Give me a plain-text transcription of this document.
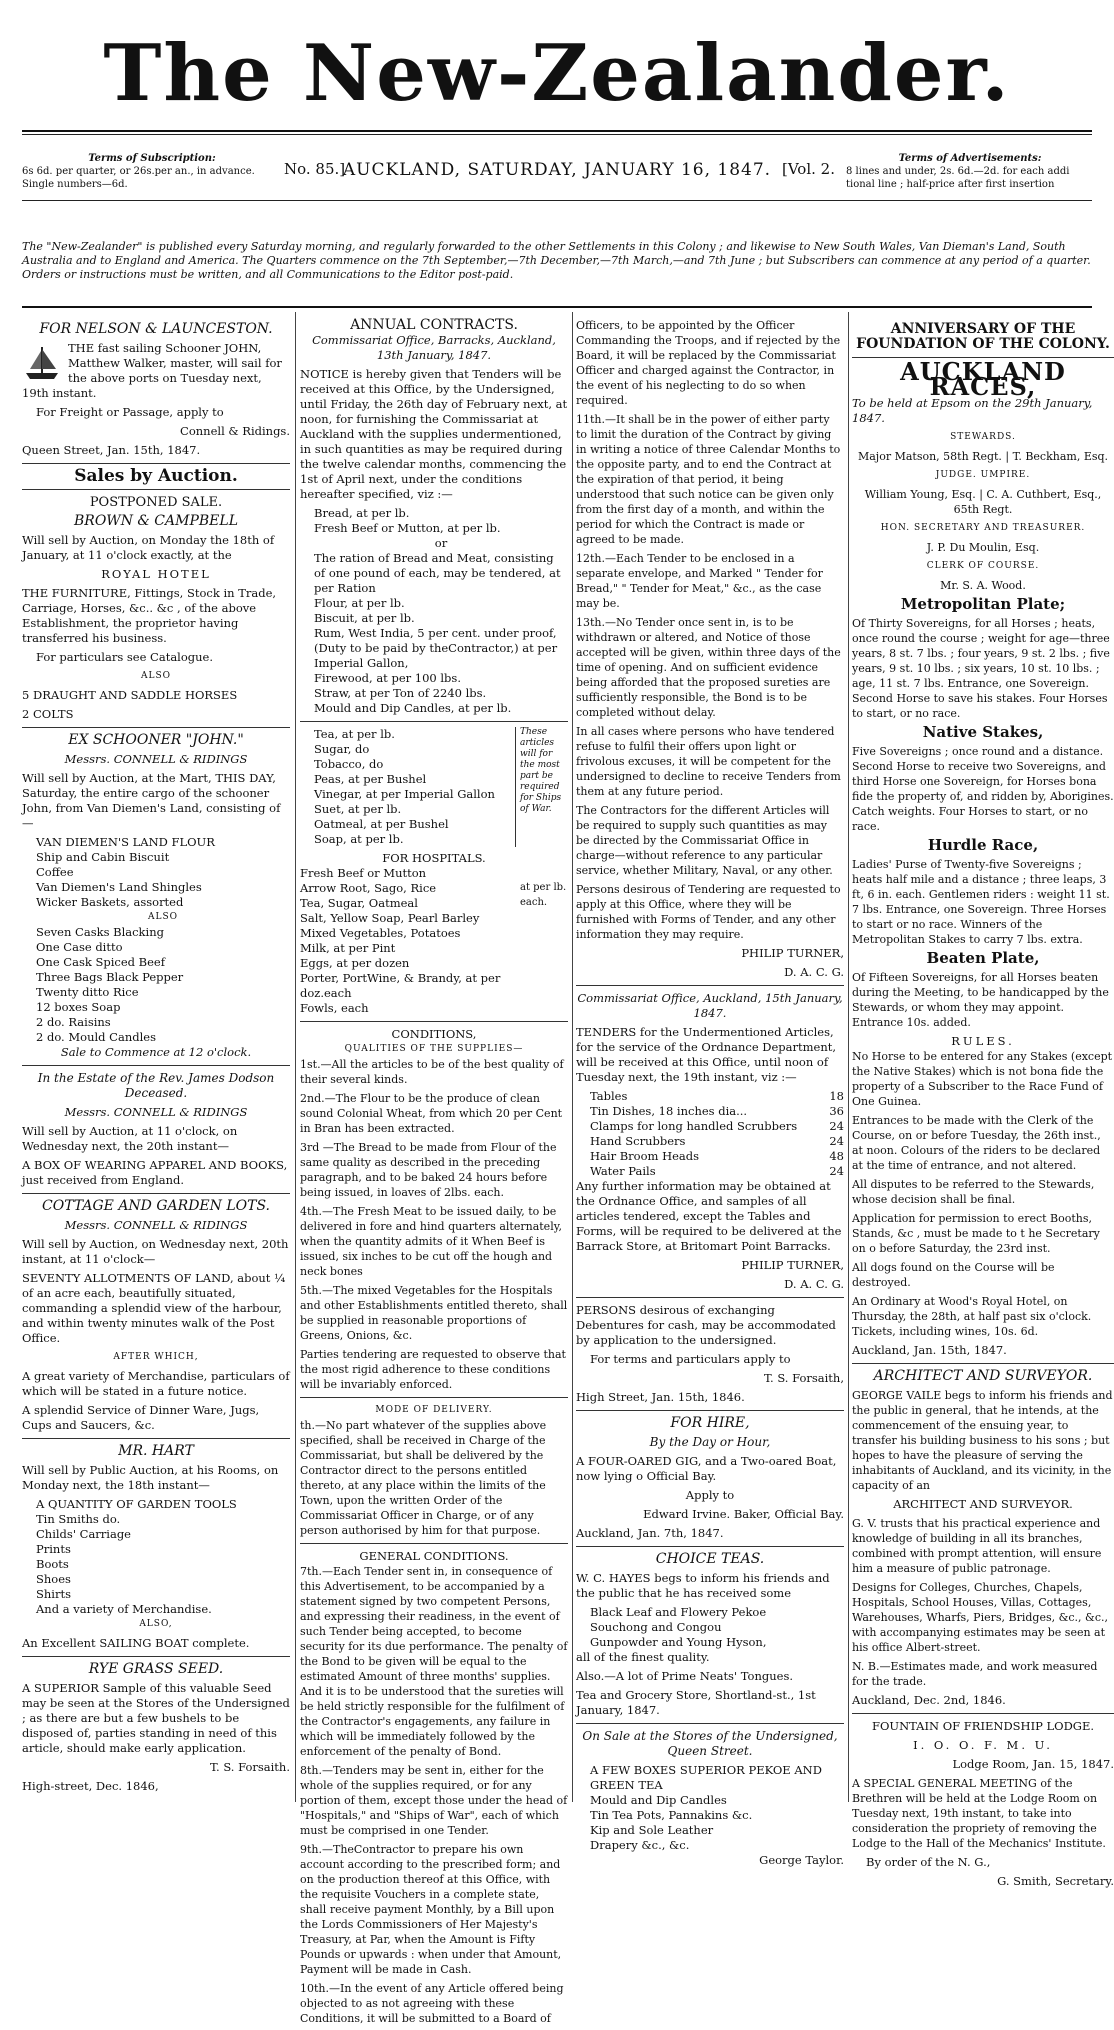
The New-Zealander.
Terms of Subscription:
6s 6d. per quarter, or 26s.per an., in advance.
Single numbers—6d.
No. 85.]
AUCKLAND, SATURDAY, JANUARY 16, 1847. [Vol. 2.
Terms of Advertisements:
8 lines and under, 2s. 6d.—2d. for each addi
tional line ; half-price after first insertion
The "New-Zealander" is published every Saturday morning, and regularly forwarded to the other Settlements in this Colony ; and likewise to New South Wales, Van Dieman's Land, South Australia and to England and America. The Quarters commence on the 7th September,—7th December,—7th March,—and 7th June ; but Subscribers can commence at any period of a quarter. Orders or instructions must be written, and all Communications to the Editor post-paid.
FOR NELSON & LAUNCESTON.

THE fast sailing Schooner JOHN, Matthew Walker, master, will sail for the above ports on Tuesday next, 19th instant.

For Freight or Passage, apply to

Connell & Ridings.

Queen Street, Jan. 15th, 1847.

Sales by Auction.
POSTPONED SALE.
BROWN & CAMPBELL

Will sell by Auction, on Monday the 18th of January, at 11 o'clock exactly, at the

ROYAL HOTEL

THE FURNITURE, Fittings, Stock in Trade, Carriage, Horses, &c.. &c , of the above Establishment, the proprietor having transferred his business.

For particulars see Catalogue.

ALSO

5 DRAUGHT AND SADDLE HORSES

2 COLTS

EX SCHOONER "JOHN."

Messrs. CONNELL & RIDINGS

Will sell by Auction, at the Mart, THIS DAY, Saturday, the entire cargo of the schooner John, from Van Diemen's Land, consisting of—

VAN DIEMEN'S LAND FLOUR
Ship and Cabin Biscuit
Coffee
Van Diemen's Land Shingles
Wicker Baskets, assorted
ALSO
Seven Casks Blacking
One Case ditto
One Cask Spiced Beef
Three Bags Black Pepper
Twenty ditto Rice
12 boxes Soap
2 do. Raisins
2 do. Mould Candles

Sale to Commence at 12 o'clock.

In the Estate of the Rev. James Dodson Deceased.

Messrs. CONNELL & RIDINGS

Will sell by Auction, at 11 o'clock, on Wednesday next, the 20th instant—

A BOX OF WEARING APPAREL AND BOOKS, just received from England.

COTTAGE AND GARDEN LOTS.

Messrs. CONNELL & RIDINGS

Will sell by Auction, on Wednesday next, 20th instant, at 11 o'clock—

SEVENTY ALLOTMENTS OF LAND, about ¼ of an acre each, beautifully situated, commanding a splendid view of the harbour, and within twenty minutes walk of the Post Office.

AFTER WHICH,

A great variety of Merchandise, particulars of which will be stated in a future notice.

A splendid Service of Dinner Ware, Jugs, Cups and Saucers, &c.

MR. HART

Will sell by Public Auction, at his Rooms, on Monday next, the 18th instant—

A QUANTITY OF GARDEN TOOLS
Tin Smiths do.
Childs' Carriage
Prints
Boots
Shoes
Shirts
And a variety of Merchandise.

ALSO,

An Excellent SAILING BOAT complete.

RYE GRASS SEED.

A SUPERIOR Sample of this valuable Seed may be seen at the Stores of the Undersigned ; as there are but a few bushels to be disposed of, parties standing in need of this article, should make early application.

T. S. Forsaith.

High-street, Dec. 1846,

ANNUAL CONTRACTS.

Commissariat Office, Barracks, Auckland, 13th January, 1847.

NOTICE is hereby given that Tenders will be received at this Office, by the Undersigned, until Friday, the 26th day of February next, at noon, for furnishing the Commissariat at Auckland with the supplies undermentioned, in such quantities as may be required during the twelve calendar months, commencing the 1st of April next, under the conditions hereafter specified, viz :—

Bread, at per lb.
Fresh Beef or Mutton, at per lb.
or
The ration of Bread and Meat, consisting of one pound of each, may be tendered, at per Ration
Flour, at per lb.
Biscuit, at per lb.
Rum, West India, 5 per cent. under proof, (Duty to be paid by theContractor,) at per Imperial Gallon,
Firewood, at per 100 lbs.
Straw, at per Ton of 2240 lbs.
Mould and Dip Candles, at per lb.
Tea, at per lb.
Sugar, do
Tobacco, do
Peas, at per Bushel
Vinegar, at per Imperial Gallon
Suet, at per lb.
Oatmeal, at per Bushel
Soap, at per lb.
These articles will for the most part be required for Ships of War.
FOR HOSPITALS.
Fresh Beef or Mutton
Arrow Root, Sago, Rice
Tea, Sugar, Oatmeal
Salt, Yellow Soap, Pearl Barley
Mixed Vegetables, Potatoes
Milk, at per Pint
Eggs, at per dozen
Porter, PortWine, & Brandy, at per doz.each
Fowls, each
at per lb. each.
CONDITIONS,
QUALITIES OF THE SUPPLIES—

1st.—All the articles to be of the best quality of their several kinds.

2nd.—The Flour to be the produce of clean sound Colonial Wheat, from which 20 per Cent in Bran has been extracted.

3rd —The Bread to be made from Flour of the same quality as described in the preceding paragraph, and to be baked 24 hours before being issued, in loaves of 2lbs. each.

4th.—The Fresh Meat to be issued daily, to be delivered in fore and hind quarters alternately, when the quantity admits of it When Beef is issued, six inches to be cut off the hough and neck bones

5th.—The mixed Vegetables for the Hospitals and other Establishments entitled thereto, shall be supplied in reasonable proportions of Greens, Onions, &c.

Parties tendering are requested to observe that the most rigid adherence to these conditions will be invariably enforced.

MODE OF DELIVERY.

th.—No part whatever of the supplies above specified, shall be received in Charge of the Commissariat, but shall be delivered by the Contractor direct to the persons entitled thereto, at any place within the limits of the Town, upon the written Order of the Commissariat Officer in Charge, or of any person authorised by him for that purpose.

GENERAL CONDITIONS.

7th.—Each Tender sent in, in consequence of this Advertisement, to be accompanied by a statement signed by two competent Persons, and expressing their readiness, in the event of such Tender being accepted, to become security for its due performance. The penalty of the Bond to be given will be equal to the estimated Amount of three months' supplies. And it is to be understood that the sureties will be held strictly responsible for the fulfilment of the Contractor's engagements, any failure in which will be immediately followed by the enforcement of the penalty of Bond.

8th.—Tenders may be sent in, either for the whole of the supplies required, or for any portion of them, except those under the head of "Hospitals," and "Ships of War", each of which must be comprised in one Tender.

9th.—TheContractor to prepare his own account according to the prescribed form; and on the production thereof at this Office, with the requisite Vouchers in a complete state, shall receive payment Monthly, by a Bill upon the Lords Commissioners of Her Majesty's Treasury, at Par, when the Amount is Fifty Pounds or upwards : when under that Amount, Payment will be made in Cash.

10th.—In the event of any Article offered being objected to as not agreeing with these Conditions, it will be submitted to a Board of

Officers, to be appointed by the Officer Commanding the Troops, and if rejected by the Board, it will be replaced by the Commissariat Officer and charged against the Contractor, in the event of his neglecting to do so when required.

11th.—It shall be in the power of either party to limit the duration of the Contract by giving in writing a notice of three Calendar Months to the opposite party, and to end the Contract at the expiration of that period, it being understood that such notice can be given only from the first day of a month, and within the period for which the Contract is made or agreed to be made.

12th.—Each Tender to be enclosed in a separate envelope, and Marked " Tender for Bread," " Tender for Meat," &c., as the case may be.

13th.—No Tender once sent in, is to be withdrawn or altered, and Notice of those accepted will be given, within three days of the time of opening. And on sufficient evidence being afforded that the proposed sureties are sufficiently responsible, the Bond is to be completed without delay.

In all cases where persons who have tendered refuse to fulfil their offers upon light or frivolous excuses, it will be competent for the undersigned to decline to receive Tenders from them at any future period.

The Contractors for the different Articles will be required to supply such quantities as may be directed by the Commissariat Office in charge—without reference to any particular service, whether Military, Naval, or any other.

Persons desirous of Tendering are requested to apply at this Office, where they will be furnished with Forms of Tender, and any other information they may require.

PHILIP TURNER,

D. A. C. G.

Commissariat Office, Auckland, 15th January, 1847.

TENDERS for the Undermentioned Articles, for the service of the Ordnance Department, will be received at this Office, until noon of Tuesday next, the 19th instant, viz :—

Tables	18
Tin Dishes, 18 inches dia...	36
Clamps for long handled Scrubbers	24
Hand Scrubbers	24
Hair Broom Heads	48
Water Pails	24

Any further information may be obtained at the Ordnance Office, and samples of all articles tendered, except the Tables and Forms, will be required to be delivered at the Barrack Store, at Britomart Point Barracks.

PHILIP TURNER,

D. A. C. G.

PERSONS desirous of exchanging Debentures for cash, may be accommodated by application to the undersigned.

For terms and particulars apply to

T. S. Forsaith,

High Street, Jan. 15th, 1846.

FOR HIRE,
By the Day or Hour,

A FOUR-OARED GIG, and a Two-oared Boat, now lying o Official Bay.

Apply to

Edward Irvine. Baker, Official Bay.

Auckland, Jan. 7th, 1847.

CHOICE TEAS.

W. C. HAYES begs to inform his friends and the public that he has received some

Black Leaf and Flowery Pekoe
Souchong and Congou
Gunpowder and Young Hyson,

all of the finest quality.

Also.—A lot of Prime Neats' Tongues.

Tea and Grocery Store, Shortland-st., 1st January, 1847.

On Sale at the Stores of the Undersigned, Queen Street.
A FEW BOXES SUPERIOR PEKOE AND GREEN TEA
Mould and Dip Candles
Tin Tea Pots, Pannakins &c.
Kip and Sole Leather
Drapery &c., &c.

George Taylor.

ANNIVERSARY OF THE FOUNDATION OF THE COLONY.
AUCKLAND RACES,

To be held at Epsom on the 29th January, 1847.

STEWARDS.

Major Matson, 58th Regt. | T. Beckham, Esq.

JUDGE. UMPIRE.

William Young, Esq. | C. A. Cuthbert, Esq., 65th Regt.

HON. SECRETARY AND TREASURER.

J. P. Du Moulin, Esq.

CLERK OF COURSE.

Mr. S. A. Wood.

Metropolitan Plate;

Of Thirty Sovereigns, for all Horses ; heats, once round the course ; weight for age—three years, 8 st. 7 lbs. ; four years, 9 st. 2 lbs. ; five years, 9 st. 10 lbs. ; six years, 10 st. 10 lbs. ; age, 11 st. 7 lbs. Entrance, one Sovereign. Second Horse to save his stakes. Four Horses to start, or no race.

Native Stakes,

Five Sovereigns ; once round and a distance. Second Horse to receive two Sovereigns, and third Horse one Sovereign, for Horses bona fide the property of, and ridden by, Aborigines. Catch weights. Four Horses to start, or no race.

Hurdle Race,

Ladies' Purse of Twenty-five Sovereigns ; heats half mile and a distance ; three leaps, 3 ft, 6 in. each. Gentlemen riders : weight 11 st. 7 lbs. Entrance, one Sovereign. Three Horses to start or no race. Winners of the Metropolitan Stakes to carry 7 lbs. extra.

Beaten Plate,

Of Fifteen Sovereigns, for all Horses beaten during the Meeting, to be handicapped by the Stewards, or whom they may appoint. Entrance 10s. added.

RULES.

No Horse to be entered for any Stakes (except the Native Stakes) which is not bona fide the property of a Subscriber to the Race Fund of One Guinea.

Entrances to be made with the Clerk of the Course, on or before Tuesday, the 26th inst., at noon. Colours of the riders to be declared at the time of entrance, and not altered.

All disputes to be referred to the Stewards, whose decision shall be final.

Application for permission to erect Booths, Stands, &c , must be made to t he Secretary on o before Saturday, the 23rd inst.

All dogs found on the Course will be destroyed.

An Ordinary at Wood's Royal Hotel, on Thursday, the 28th, at half past six o'clock. Tickets, including wines, 10s. 6d.

Auckland, Jan. 15th, 1847.

ARCHITECT AND SURVEYOR.

GEORGE VAILE begs to inform his friends and the public in general, that he intends, at the commencement of the ensuing year, to transfer his building business to his sons ; but hopes to have the pleasure of serving the inhabitants of Auckland, and its vicinity, in the capacity of an

ARCHITECT AND SURVEYOR.

G. V. trusts that his practical experience and knowledge of building in all its branches, combined with prompt attention, will ensure him a measure of public patronage.

Designs for Colleges, Churches, Chapels, Hospitals, School Houses, Villas, Cottages, Warehouses, Wharfs, Piers, Bridges, &c., &c., with accompanying estimates may be seen at his office Albert-street.

N. B.—Estimates made, and work measured for the trade.

Auckland, Dec. 2nd, 1846.

FOUNTAIN OF FRIENDSHIP LODGE.

I. O. O. F. M. U.

Lodge Room, Jan. 15, 1847.

A SPECIAL GENERAL MEETING of the Brethren will be held at the Lodge Room on Tuesday next, 19th instant, to take into consideration the propriety of removing the Lodge to the Hall of the Mechanics' Institute.

By order of the N. G.,

G. Smith, Secretary.
